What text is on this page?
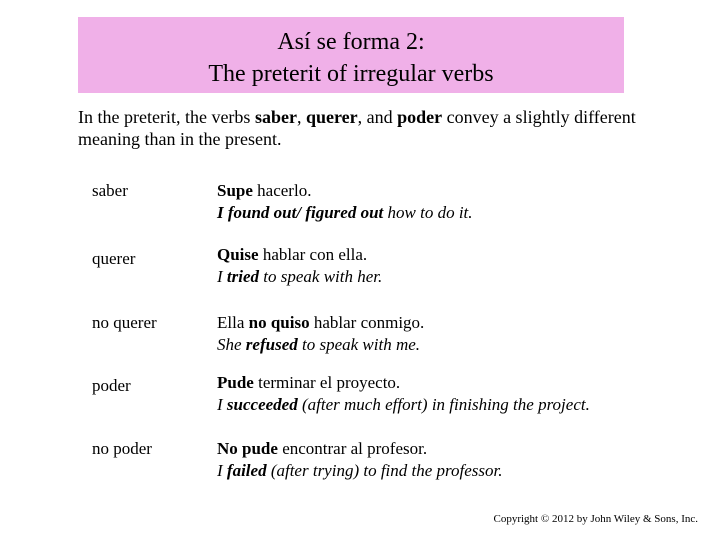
Así se forma 2:
The preterit of irregular verbs
In the preterit, the verbs saber, querer, and poder convey a slightly different meaning than in the present.
saber	Supe hacerlo.
I found out/ figured out how to do it.
querer	Quise hablar con ella.
I tried to speak with her.
no querer	Ella no quiso hablar conmigo.
She refused to speak with me.
poder	Pude terminar el proyecto.
I succeeded (after much effort) in finishing the project.
no poder	No pude encontrar al profesor.
I failed (after trying) to find the professor.
Copyright © 2012 by John Wiley & Sons, Inc.
